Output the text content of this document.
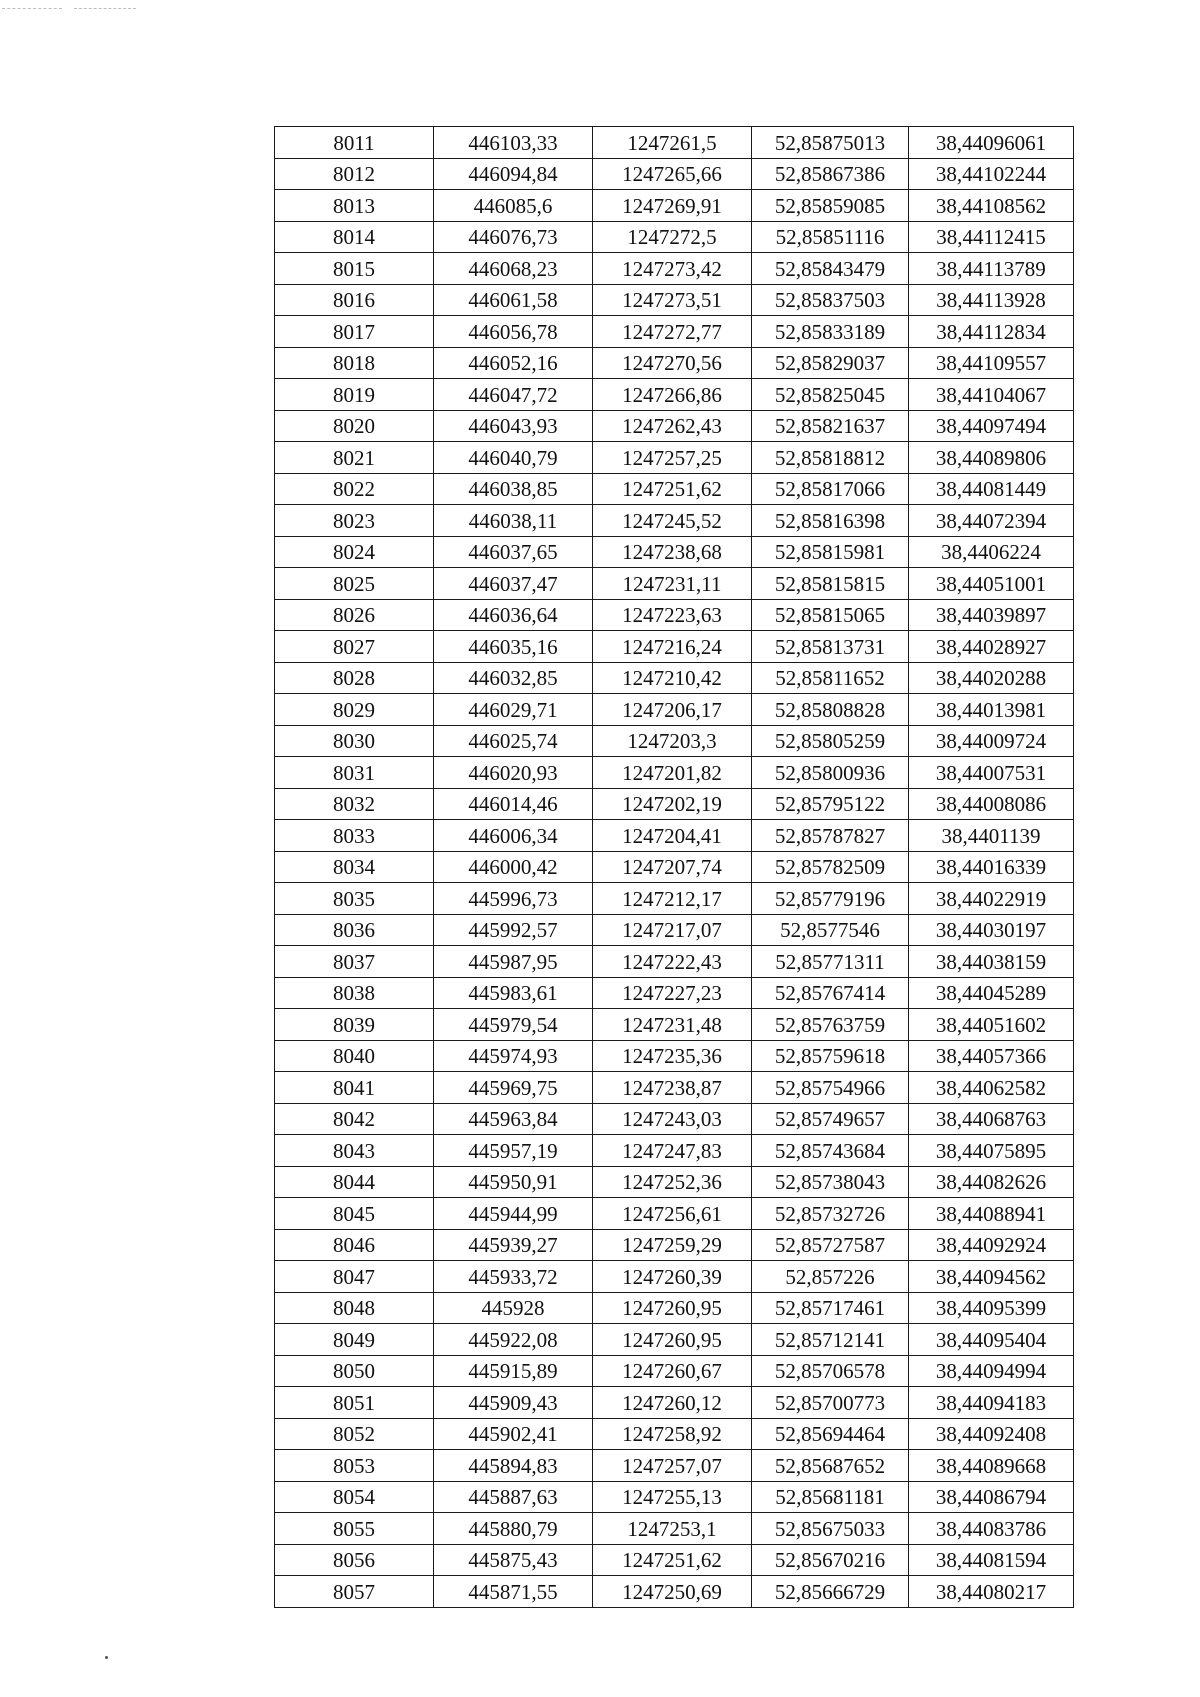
8011	446103,33	1247261,5	52,85875013	38,44096061
8012	446094,84	1247265,66	52,85867386	38,44102244
8013	446085,6	1247269,91	52,85859085	38,44108562
8014	446076,73	1247272,5	52,85851116	38,44112415
8015	446068,23	1247273,42	52,85843479	38,44113789
8016	446061,58	1247273,51	52,85837503	38,44113928
8017	446056,78	1247272,77	52,85833189	38,44112834
8018	446052,16	1247270,56	52,85829037	38,44109557
8019	446047,72	1247266,86	52,85825045	38,44104067
8020	446043,93	1247262,43	52,85821637	38,44097494
8021	446040,79	1247257,25	52,85818812	38,44089806
8022	446038,85	1247251,62	52,85817066	38,44081449
8023	446038,11	1247245,52	52,85816398	38,44072394
8024	446037,65	1247238,68	52,85815981	38,4406224
8025	446037,47	1247231,11	52,85815815	38,44051001
8026	446036,64	1247223,63	52,85815065	38,44039897
8027	446035,16	1247216,24	52,85813731	38,44028927
8028	446032,85	1247210,42	52,85811652	38,44020288
8029	446029,71	1247206,17	52,85808828	38,44013981
8030	446025,74	1247203,3	52,85805259	38,44009724
8031	446020,93	1247201,82	52,85800936	38,44007531
8032	446014,46	1247202,19	52,85795122	38,44008086
8033	446006,34	1247204,41	52,85787827	38,4401139
8034	446000,42	1247207,74	52,85782509	38,44016339
8035	445996,73	1247212,17	52,85779196	38,44022919
8036	445992,57	1247217,07	52,8577546	38,44030197
8037	445987,95	1247222,43	52,85771311	38,44038159
8038	445983,61	1247227,23	52,85767414	38,44045289
8039	445979,54	1247231,48	52,85763759	38,44051602
8040	445974,93	1247235,36	52,85759618	38,44057366
8041	445969,75	1247238,87	52,85754966	38,44062582
8042	445963,84	1247243,03	52,85749657	38,44068763
8043	445957,19	1247247,83	52,85743684	38,44075895
8044	445950,91	1247252,36	52,85738043	38,44082626
8045	445944,99	1247256,61	52,85732726	38,44088941
8046	445939,27	1247259,29	52,85727587	38,44092924
8047	445933,72	1247260,39	52,857226	38,44094562
8048	445928	1247260,95	52,85717461	38,44095399
8049	445922,08	1247260,95	52,85712141	38,44095404
8050	445915,89	1247260,67	52,85706578	38,44094994
8051	445909,43	1247260,12	52,85700773	38,44094183
8052	445902,41	1247258,92	52,85694464	38,44092408
8053	445894,83	1247257,07	52,85687652	38,44089668
8054	445887,63	1247255,13	52,85681181	38,44086794
8055	445880,79	1247253,1	52,85675033	38,44083786
8056	445875,43	1247251,62	52,85670216	38,44081594
8057	445871,55	1247250,69	52,85666729	38,44080217
